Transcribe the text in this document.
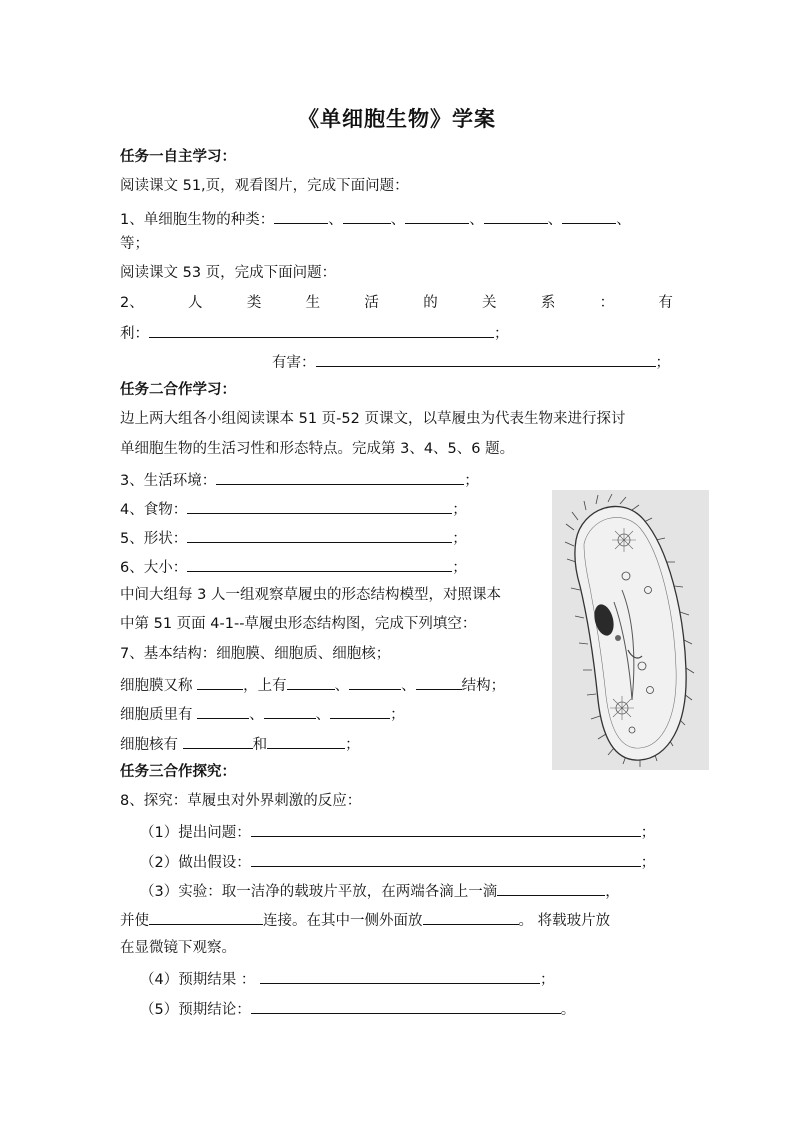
《单细胞生物》学案
任务一自主学习：
阅读课文 51,页，观看图片，完成下面问题：
1、单细胞生物的种类：	、	、	、	、	、
等；
阅读课文 53 页，完成下面问题：
2、	人	类	生	活	的	关	系	：	有
利：	；
有害：	；
任务二合作学习：
边上两大组各小组阅读课本 51 页-52 页课文，以草履虫为代表生物来进行探讨
单细胞生物的生活习性和形态特点。完成第 3、4、5、6 题。
3、生活环境：	；
4、食物：	；
5、形状：	；
6、大小：	；
中间大组每 3 人一组观察草履虫的形态结构模型，对照课本
中第 51 页面 4-1--草履虫形态结构图，完成下列填空：
7、基本结构：细胞膜、细胞质、细胞核；
细胞膜又称	，上有	、	、	结构；
细胞质里有	、	、	；
细胞核有	和	；
任务三合作探究：
8、探究：草履虫对外界刺激的反应：
（1）提出问题：	；
（2）做出假设：	；
（3）实验：取一洁净的载玻片平放，在两端各滴上一滴	，
并使	连接。在其中一侧外面放	。 将载玻片放
在显微镜下观察。
（4）预期结果 ：	；
（5）预期结论：	。
